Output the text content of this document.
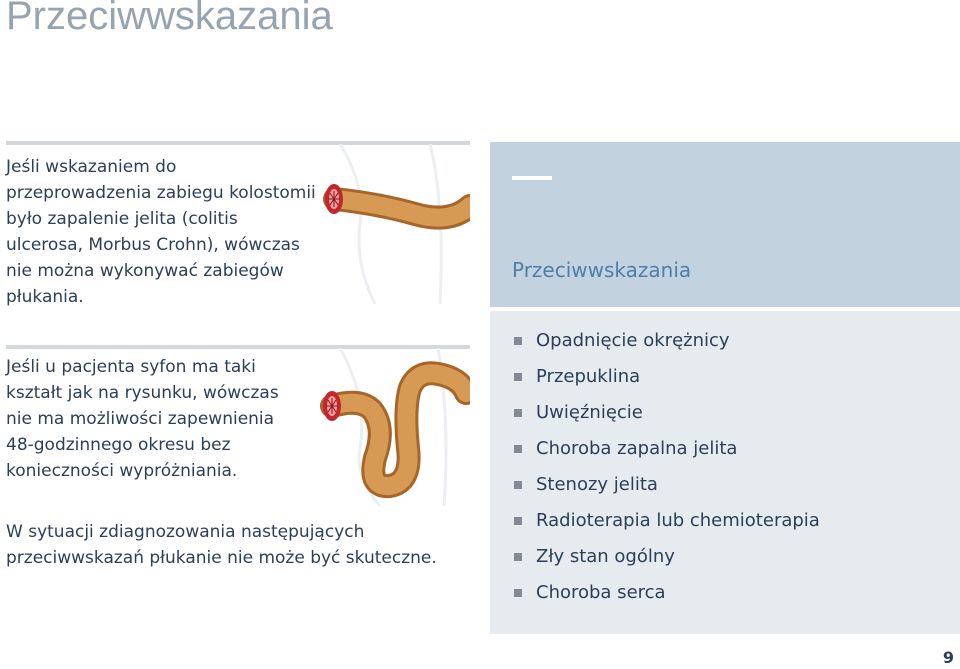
Przeciwwskazania

Jeśli wskazaniem do przeprowadzenia zabiegu kolostomii było zapalenie jelita (colitis ulcerosa, Morbus Crohn), wówczas nie można wykonywać zabiegów płukania.

Jeśli u pacjenta syfon ma taki kształt jak na rysunku, wówczas nie ma możliwości zapewnienia 48-godzinnego okresu bez konieczności wypróżniania.

W sytuacji zdiagnozowania następujących przeciwwskazań płukanie nie może być skuteczne.

Przeciwwskazania
Opadnięcie okrężnicy
Przepuklina
Uwięźnięcie
Choroba zapalna jelita
Stenozy jelita
Radioterapia lub chemioterapia
Zły stan ogólny
Choroba serca
9
